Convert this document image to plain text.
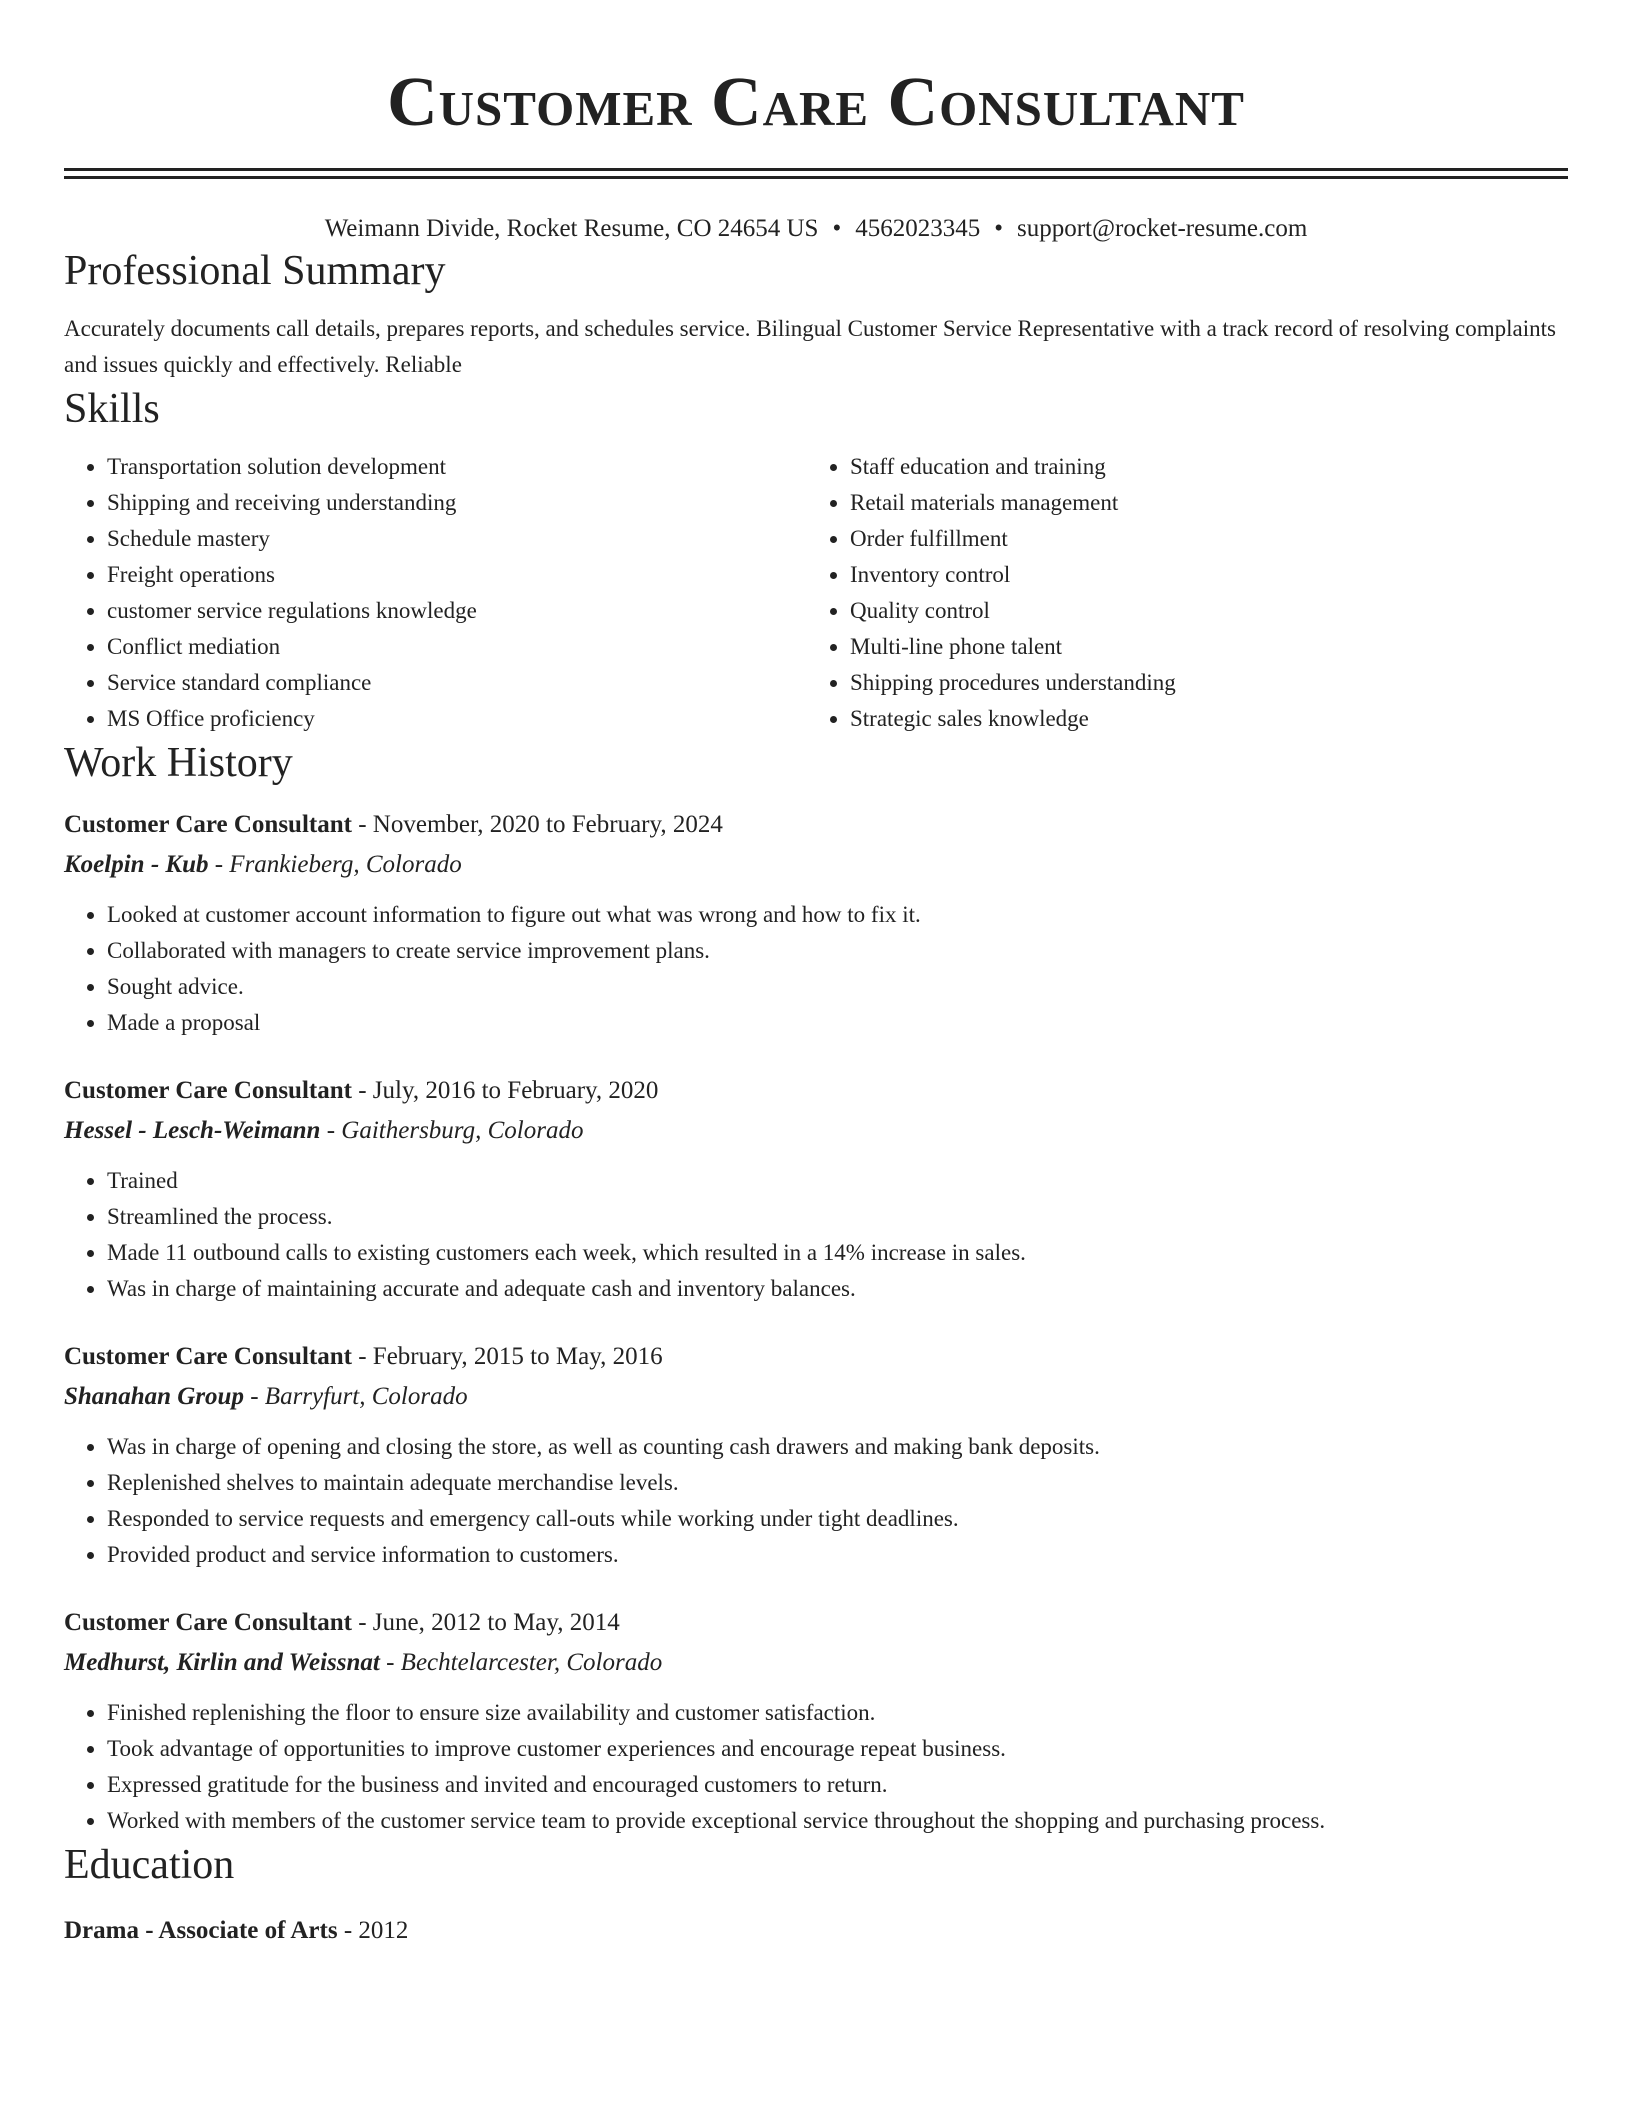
Customer Care Consultant
Weimann Divide, Rocket Resume, CO 24654 US • 4562023345 • support@rocket-resume.com
Professional Summary
Accurately documents call details, prepares reports, and schedules service. Bilingual Customer Service Representative with a track record of resolving complaints and issues quickly and effectively. Reliable
Skills
• Transportation solution development
• Shipping and receiving understanding
• Schedule mastery
• Freight operations
• customer service regulations knowledge
• Conflict mediation
• Service standard compliance
• MS Office proficiency
• Staff education and training
• Retail materials management
• Order fulfillment
• Inventory control
• Quality control
• Multi-line phone talent
• Shipping procedures understanding
• Strategic sales knowledge
Work History
Customer Care Consultant - November, 2020 to February, 2024
Koelpin - Kub - Frankieberg, Colorado
• Looked at customer account information to figure out what was wrong and how to fix it.
• Collaborated with managers to create service improvement plans.
• Sought advice.
• Made a proposal
Customer Care Consultant - July, 2016 to February, 2020
Hessel - Lesch-Weimann - Gaithersburg, Colorado
• Trained
• Streamlined the process.
• Made 11 outbound calls to existing customers each week, which resulted in a 14% increase in sales.
• Was in charge of maintaining accurate and adequate cash and inventory balances.
Customer Care Consultant - February, 2015 to May, 2016
Shanahan Group - Barryfurt, Colorado
• Was in charge of opening and closing the store, as well as counting cash drawers and making bank deposits.
• Replenished shelves to maintain adequate merchandise levels.
• Responded to service requests and emergency call-outs while working under tight deadlines.
• Provided product and service information to customers.
Customer Care Consultant - June, 2012 to May, 2014
Medhurst, Kirlin and Weissnat - Bechtelarcester, Colorado
• Finished replenishing the floor to ensure size availability and customer satisfaction.
• Took advantage of opportunities to improve customer experiences and encourage repeat business.
• Expressed gratitude for the business and invited and encouraged customers to return.
• Worked with members of the customer service team to provide exceptional service throughout the shopping and purchasing process.
Education
Drama - Associate of Arts - 2012
